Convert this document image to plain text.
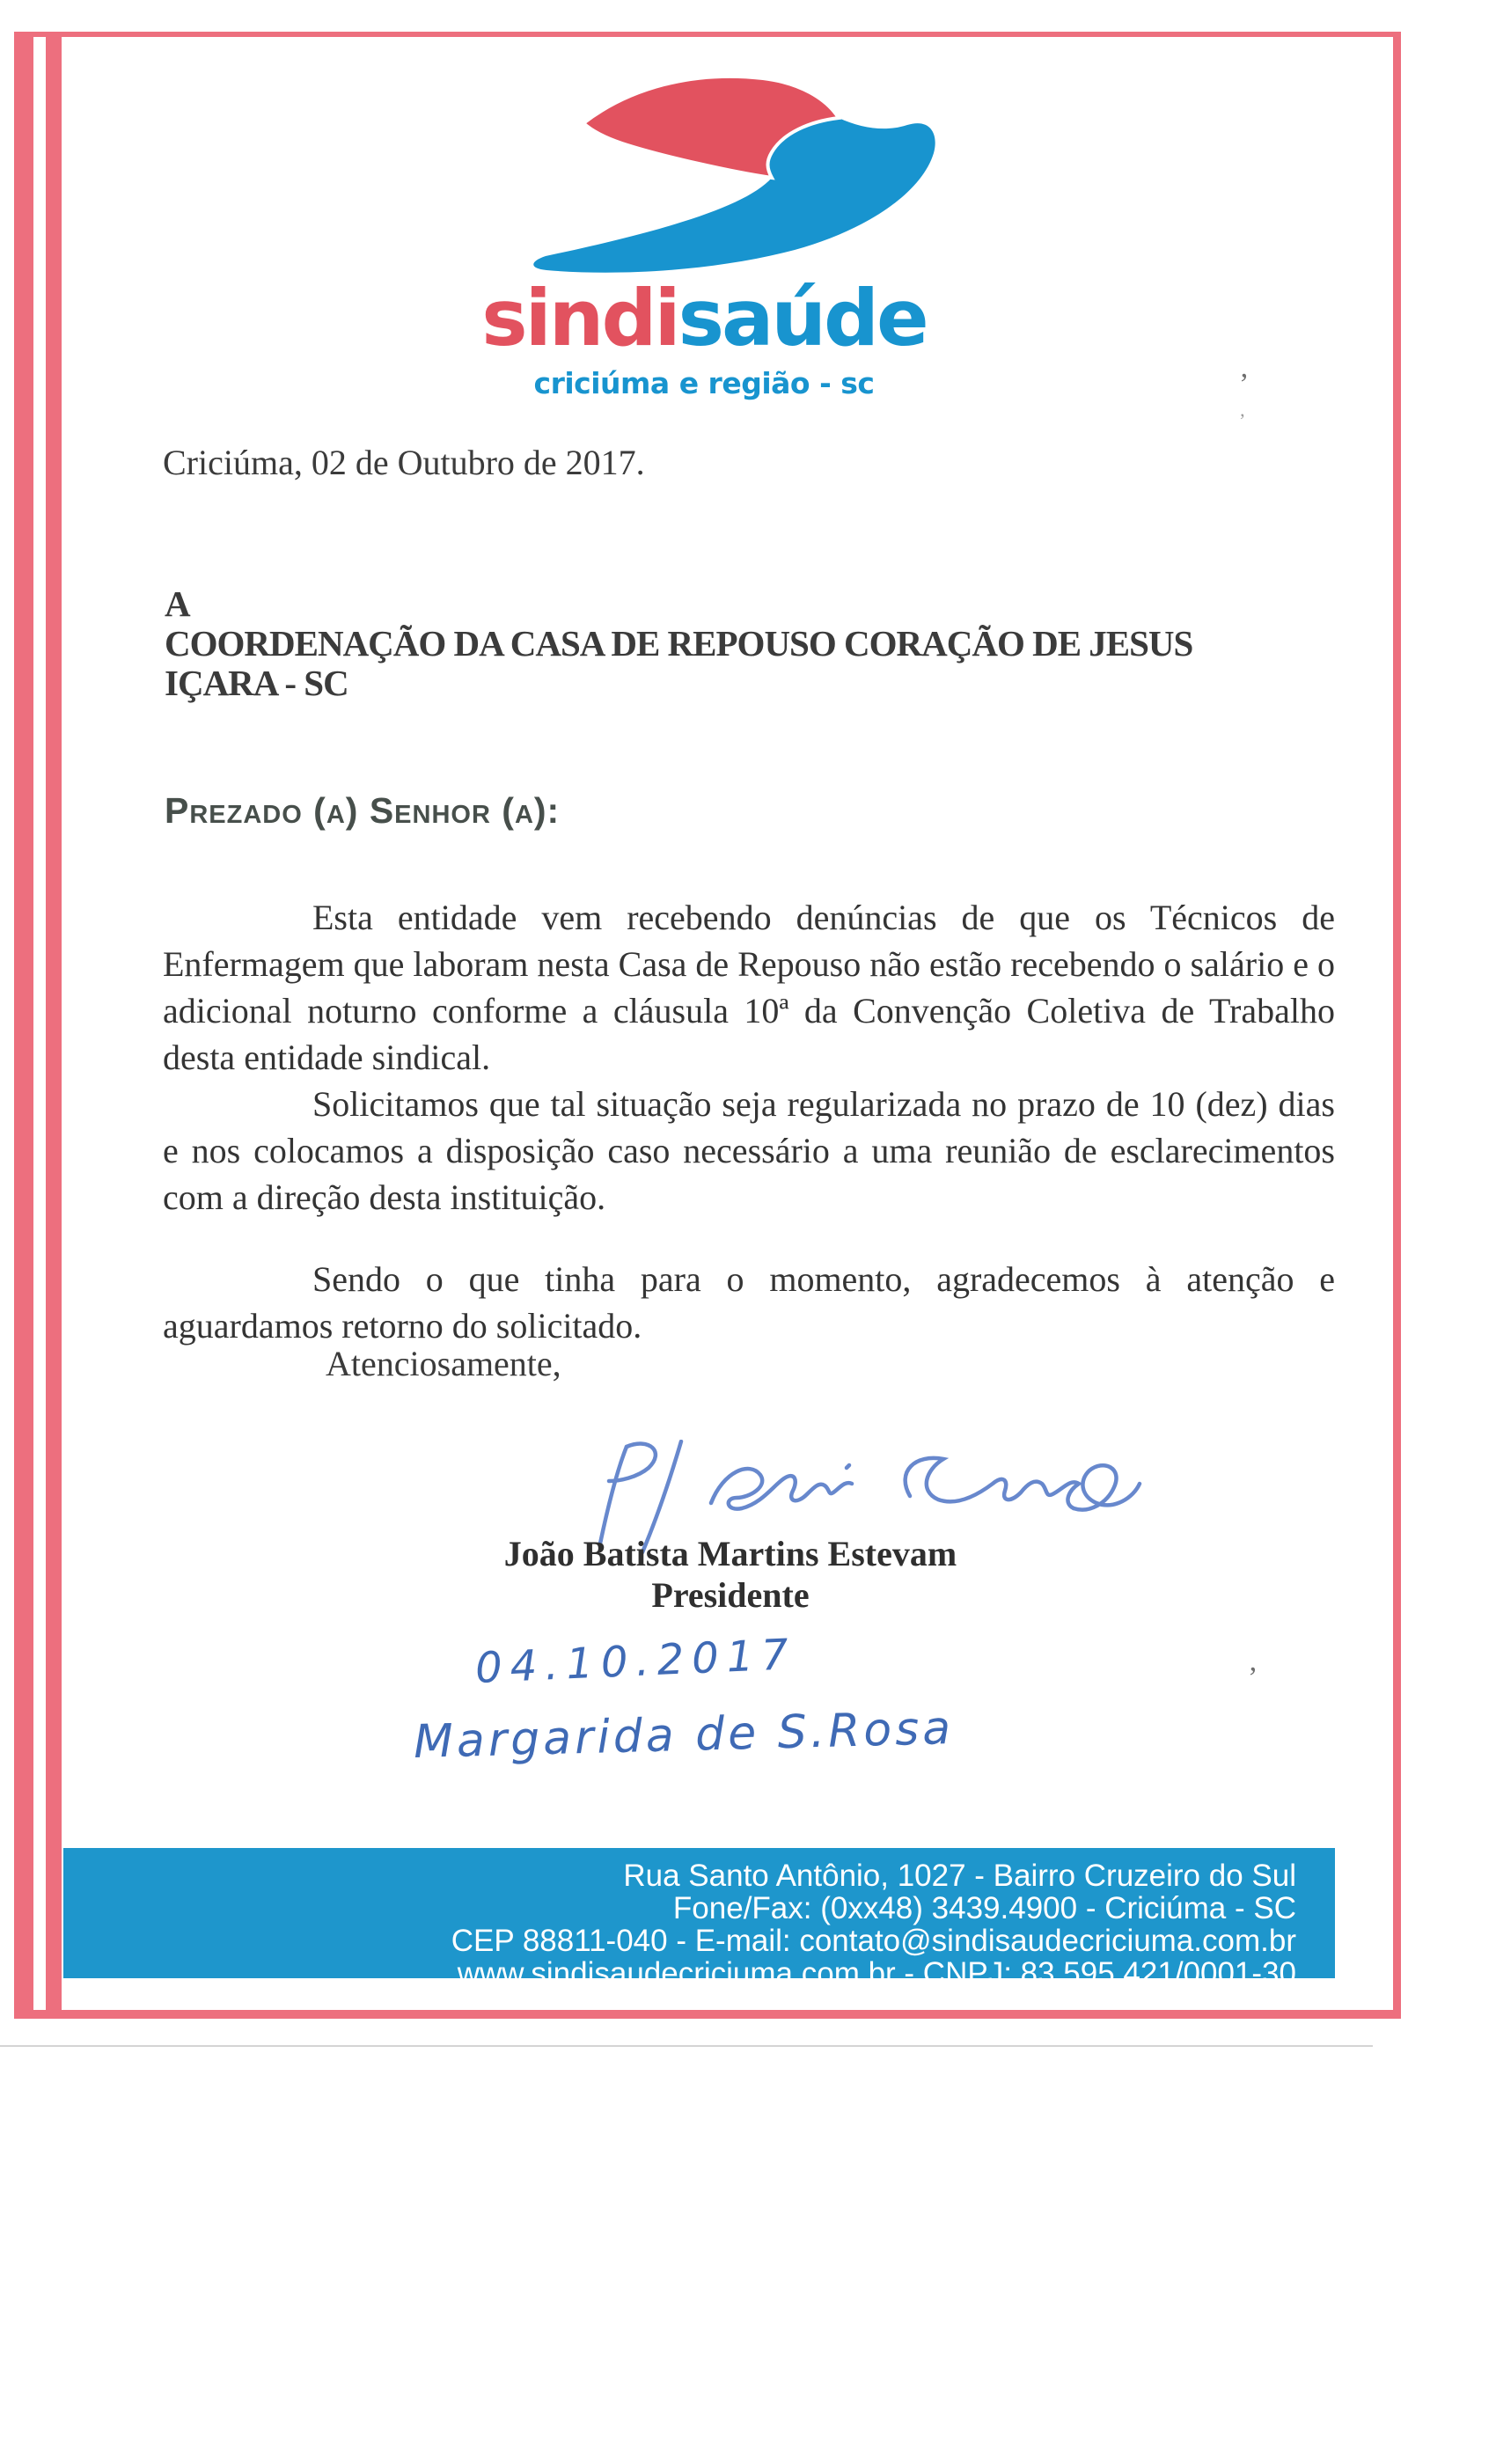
sindisaúde
criciúma e região - sc	’
’
’
Criciúma, 02 de Outubro de 2017.
A
COORDENAÇÃO DA CASA DE REPOUSO CORAÇÃO DE JESUS
IÇARA - SC
Prezado (a) Senhor (a):

Esta entidade vem recebendo denúncias de que os Técnicos de Enfermagem que laboram nesta Casa de Repouso não estão recebendo o salário e o adicional noturno conforme a cláusula 10ª da Convenção Coletiva de Trabalho desta entidade sindical.

Solicitamos que tal situação seja regularizada no prazo de 10 (dez) dias e nos colocamos a disposição caso necessário a uma reunião de esclarecimentos com a direção desta instituição.

Sendo o que tinha para o momento, agradecemos à atenção e aguardamos retorno do solicitado.

Atenciosamente,
João Batista Martins Estevam
Presidente
04.10.2017
Margarida de S.Rosa
Rua Santo Antônio, 1027 - Bairro Cruzeiro do Sul
Fone/Fax: (0xx48) 3439.4900 - Criciúma - SC
CEP 88811-040 - E-mail: contato@sindisaudecriciuma.com.br
www.sindisaudecriciuma.com.br - CNPJ: 83.595.421/0001-30
